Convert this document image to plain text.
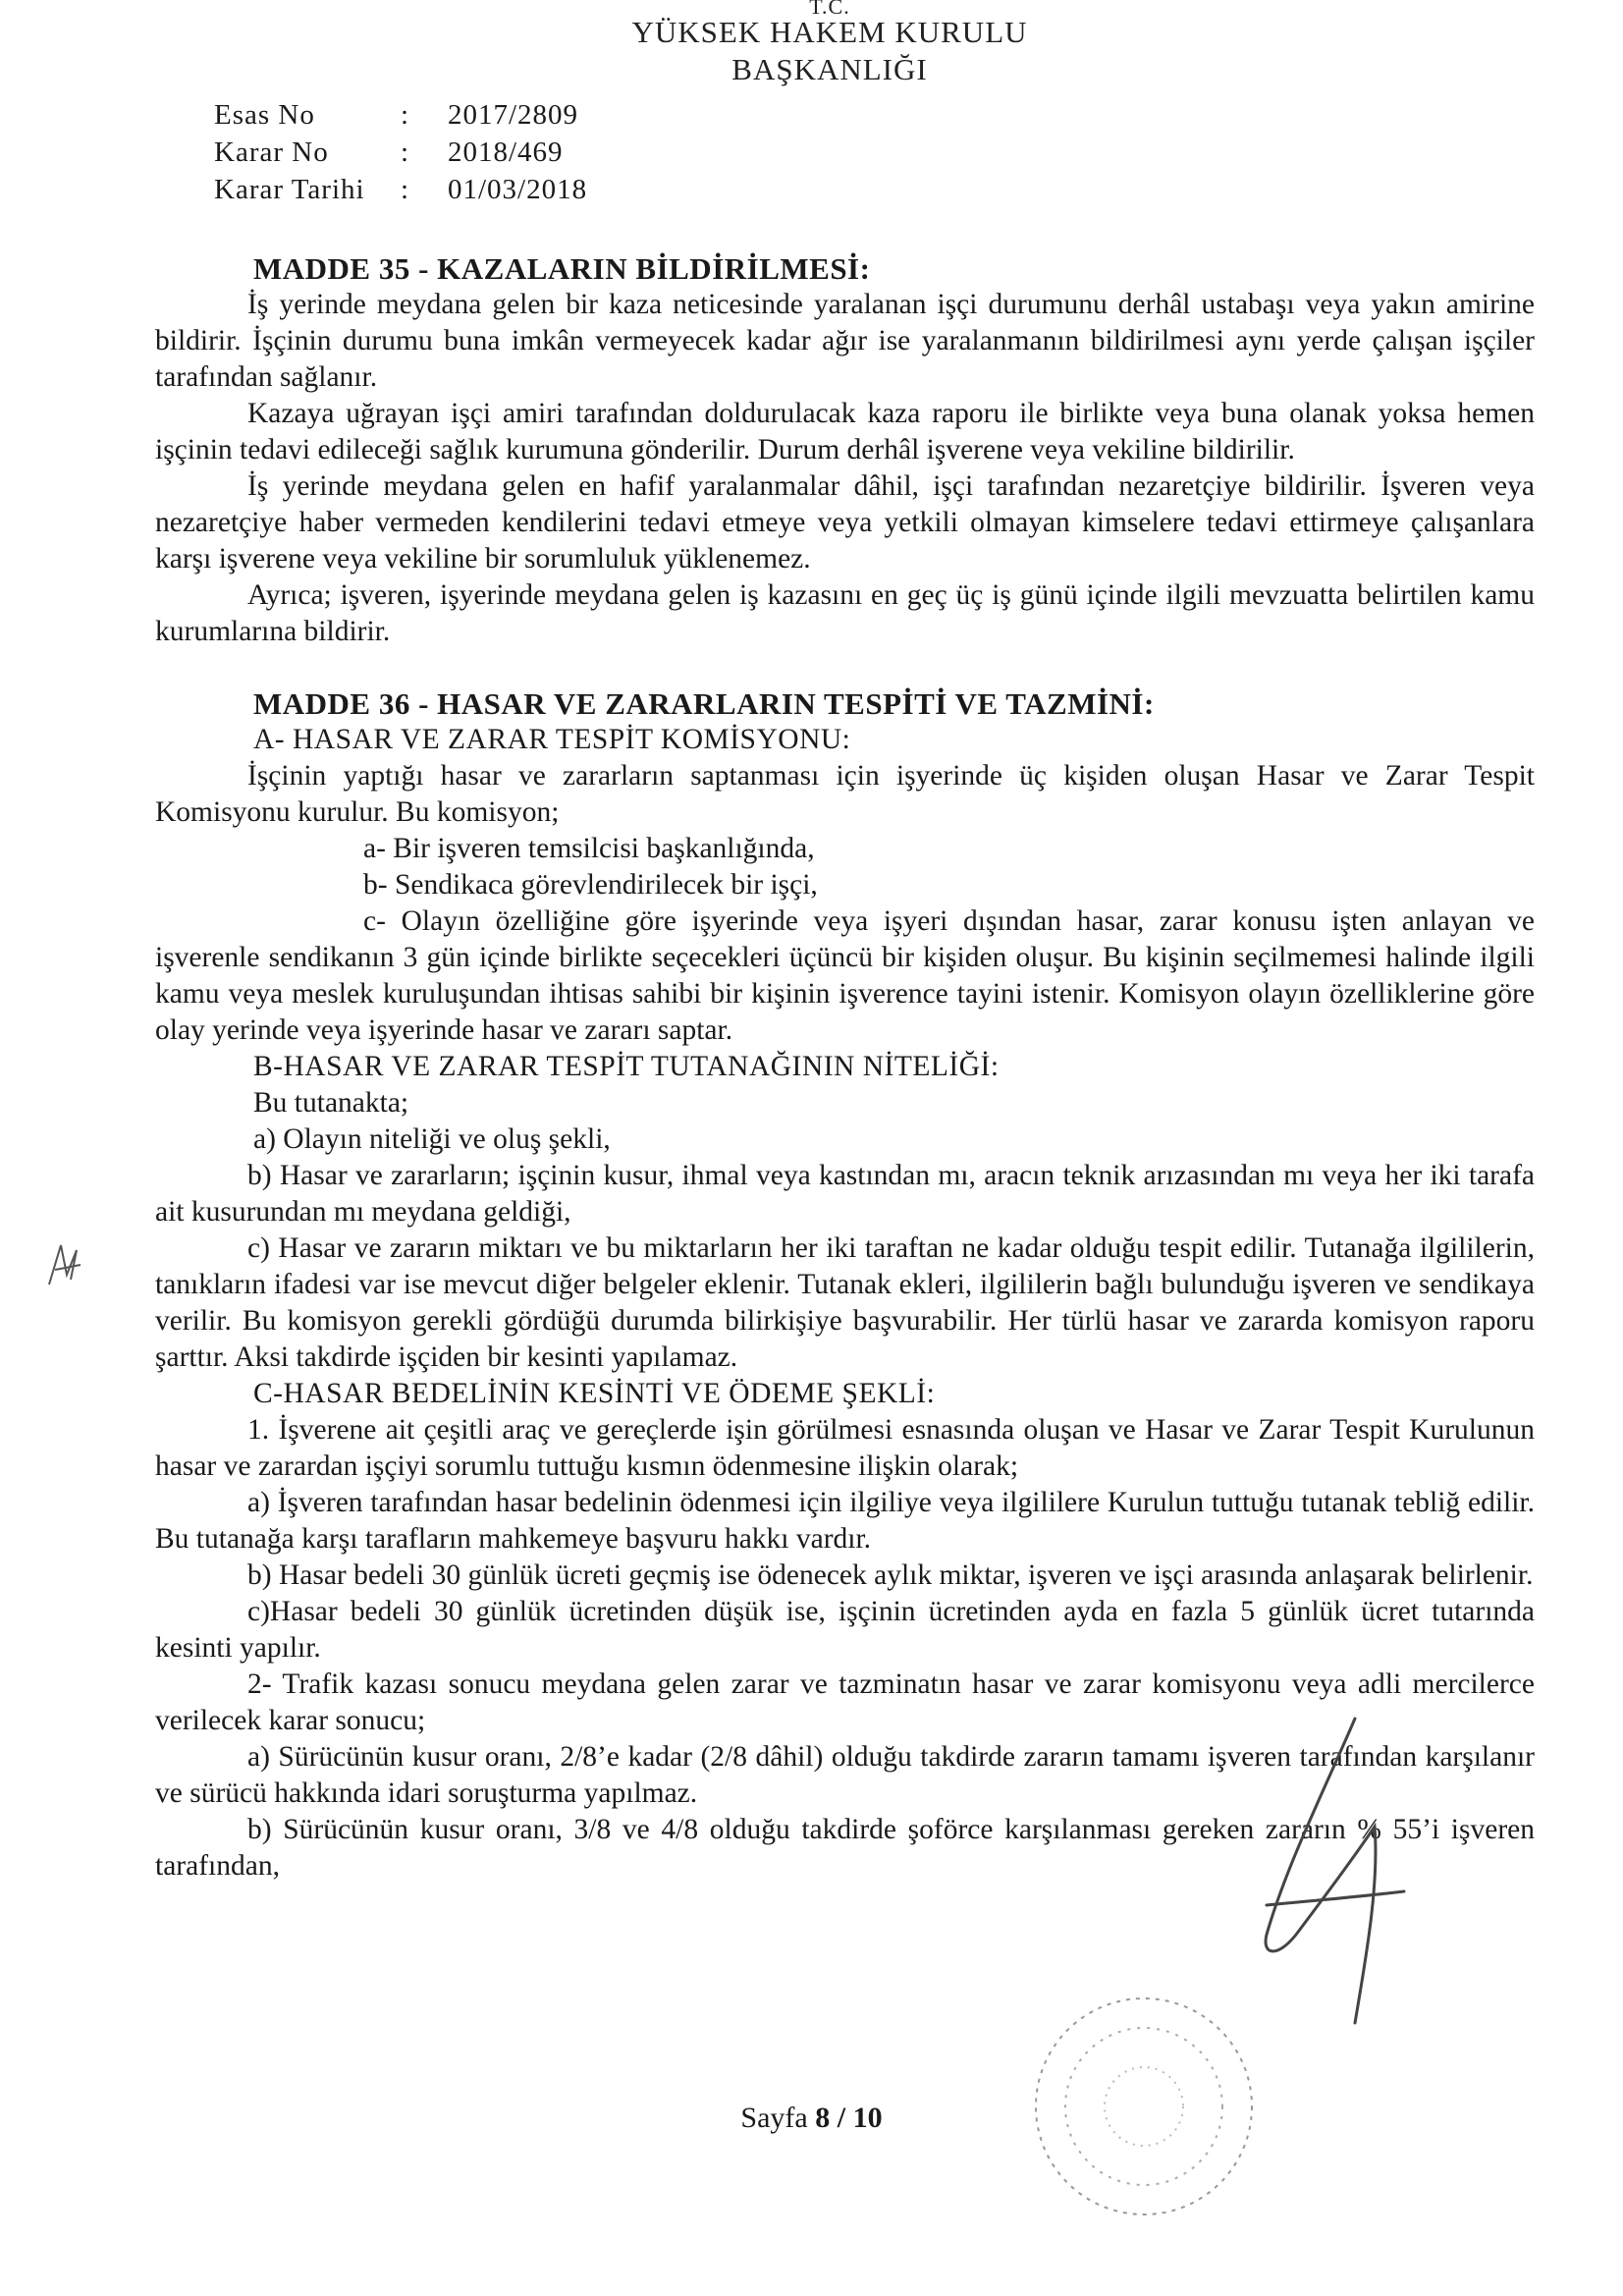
T.C.
YÜKSEK HAKEM KURULU
BAŞKANLIĞI
Esas No	:	2017/2809
Karar No	:	2018/469
Karar Tarihi	:	01/03/2018
MADDE 35 - KAZALARIN BİLDİRİLMESİ:

İş yerinde meydana gelen bir kaza neticesinde yaralanan işçi durumunu derhâl ustabaşı veya yakın amirine bildirir. İşçinin durumu buna imkân vermeyecek kadar ağır ise yaralanmanın bildirilmesi aynı yerde çalışan işçiler tarafından sağlanır.

Kazaya uğrayan işçi amiri tarafından doldurulacak kaza raporu ile birlikte veya buna olanak yoksa hemen işçinin tedavi edileceği sağlık kurumuna gönderilir. Durum derhâl işverene veya vekiline bildirilir.

İş yerinde meydana gelen en hafif yaralanmalar dâhil, işçi tarafından nezaretçiye bildirilir. İşveren veya nezaretçiye haber vermeden kendilerini tedavi etmeye veya yetkili olmayan kimselere tedavi ettirmeye çalışanlara karşı işverene veya vekiline bir sorumluluk yüklenemez.

Ayrıca; işveren, işyerinde meydana gelen iş kazasını en geç üç iş günü içinde ilgili mevzuatta belirtilen kamu kurumlarına bildirir.

MADDE 36 - HASAR VE ZARARLARIN TESPİTİ VE TAZMİNİ:
A- HASAR VE ZARAR TESPİT KOMİSYONU:

İşçinin yaptığı hasar ve zararların saptanması için işyerinde üç kişiden oluşan Hasar ve Zarar Tespit Komisyonu kurulur. Bu komisyon;

a- Bir işveren temsilcisi başkanlığında,
b- Sendikaca görevlendirilecek bir işçi,

c- Olayın özelliğine göre işyerinde veya işyeri dışından hasar, zarar konusu işten anlayan ve işverenle sendikanın 3 gün içinde birlikte seçecekleri üçüncü bir kişiden oluşur. Bu kişinin seçilmemesi halinde ilgili kamu veya meslek kuruluşundan ihtisas sahibi bir kişinin işverence tayini istenir. Komisyon olayın özelliklerine göre olay yerinde veya işyerinde hasar ve zararı saptar.

B-HASAR VE ZARAR TESPİT TUTANAĞININ NİTELİĞİ:
Bu tutanakta;
a) Olayın niteliği ve oluş şekli,

b) Hasar ve zararların; işçinin kusur, ihmal veya kastından mı, aracın teknik arızasından mı veya her iki tarafa ait kusurundan mı meydana geldiği,

c) Hasar ve zararın miktarı ve bu miktarların her iki taraftan ne kadar olduğu tespit edilir. Tutanağa ilgililerin, tanıkların ifadesi var ise mevcut diğer belgeler eklenir. Tutanak ekleri, ilgililerin bağlı bulunduğu işveren ve sendikaya verilir. Bu komisyon gerekli gördüğü durumda bilirkişiye başvurabilir. Her türlü hasar ve zararda komisyon raporu şarttır. Aksi takdirde işçiden bir kesinti yapılamaz.

C-HASAR BEDELİNİN KESİNTİ VE ÖDEME ŞEKLİ:

1. İşverene ait çeşitli araç ve gereçlerde işin görülmesi esnasında oluşan ve Hasar ve Zarar Tespit Kurulunun hasar ve zarardan işçiyi sorumlu tuttuğu kısmın ödenmesine ilişkin olarak;

a) İşveren tarafından hasar bedelinin ödenmesi için ilgiliye veya ilgililere Kurulun tuttuğu tutanak tebliğ edilir. Bu tutanağa karşı tarafların mahkemeye başvuru hakkı vardır.

b) Hasar bedeli 30 günlük ücreti geçmiş ise ödenecek aylık miktar, işveren ve işçi arasında anlaşarak belirlenir.

c)Hasar bedeli 30 günlük ücretinden düşük ise, işçinin ücretinden ayda en fazla 5 günlük ücret tutarında kesinti yapılır.

2- Trafik kazası sonucu meydana gelen zarar ve tazminatın hasar ve zarar komisyonu veya adli mercilerce verilecek karar sonucu;

a) Sürücünün kusur oranı, 2/8’e kadar (2/8 dâhil) olduğu takdirde zararın tamamı işveren tarafından karşılanır ve sürücü hakkında idari soruşturma yapılmaz.

b) Sürücünün kusur oranı, 3/8 ve 4/8 olduğu takdirde şoförce karşılanması gereken zararın % 55’i işveren tarafından,

Sayfa 8 / 10
